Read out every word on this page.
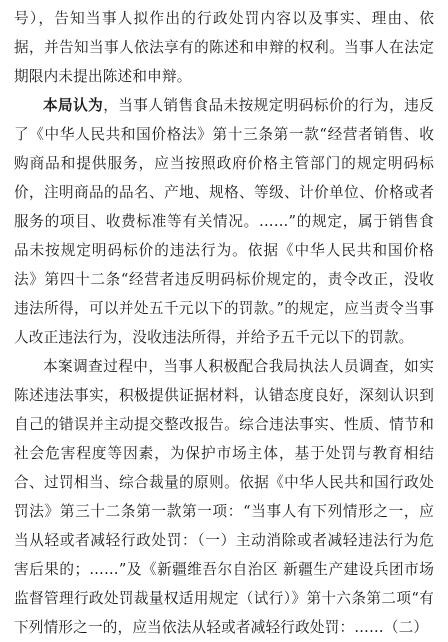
号），告知当事人拟作出的行政处罚内容以及事实、理由、依据，并告知当事人依法享有的陈述和申辩的权利。当事人在法定期限内未提出陈述和申辩。

本局认为，当事人销售食品未按规定明码标价的行为，违反了《中华人民共和国价格法》第十三条第一款“经营者销售、收购商品和提供服务，应当按照政府价格主管部门的规定明码标价，注明商品的品名、产地、规格、等级、计价单位、价格或者服务的项目、收费标准等有关情况。……”的规定，属于销售食品未按规定明码标价的违法行为。依据《中华人民共和国价格法》第四十二条“经营者违反明码标价规定的，责令改正，没收违法所得，可以并处五千元以下的罚款。”的规定，应当责令当事人改正违法行为，没收违法所得，并给予五千元以下的罚款。

本案调查过程中，当事人积极配合我局执法人员调查，如实陈述违法事实，积极提供证据材料，认错态度良好，深刻认识到自己的错误并主动提交整改报告。综合违法事实、性质、情节和社会危害程度等因素，为保护市场主体，基于处罚与教育相结合、过罚相当、综合裁量的原则。依据《中华人民共和国行政处罚法》第三十二条第一款第一项：“当事人有下列情形之一，应当从轻或者减轻行政处罚：（一）主动消除或者减轻违法行为危害后果的；……”及《新疆维吾尔自治区 新疆生产建设兵团市场监督管理行政处罚裁量权适用规定（试行）》第十六条第二项“有下列情形之一的，应当依法从轻或者减轻行政处罚：……（二）
